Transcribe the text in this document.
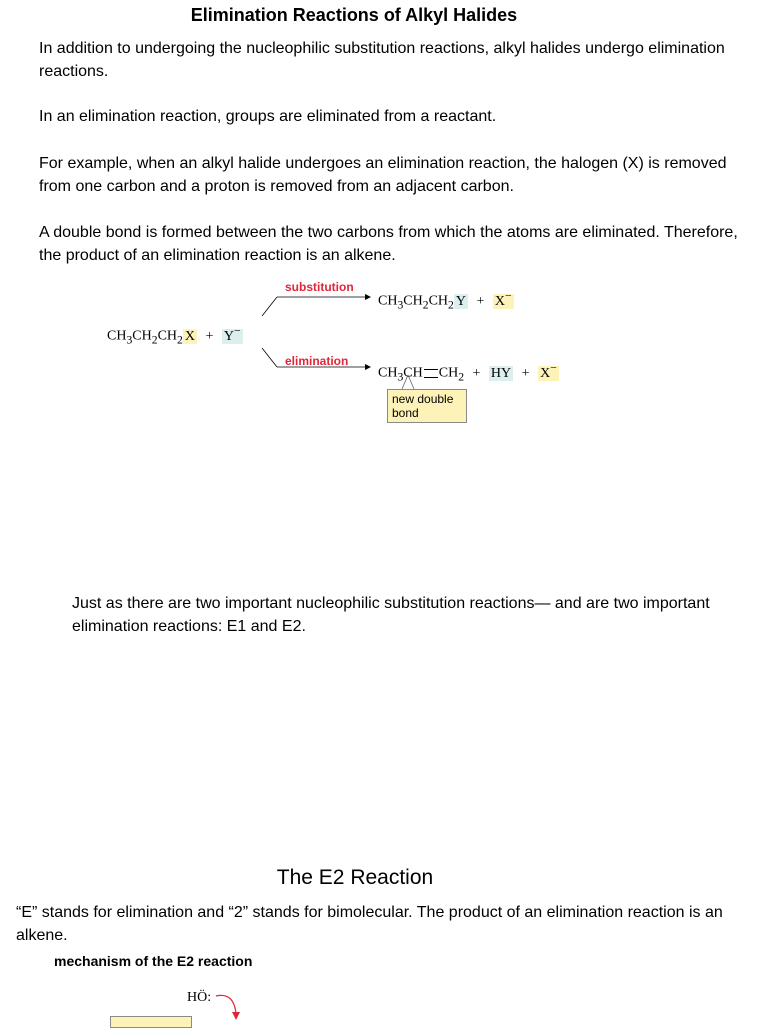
Elimination Reactions of Alkyl Halides
In addition to undergoing the nucleophilic substitution reactions, alkyl halides undergo elimination reactions.
In an elimination reaction, groups are eliminated from a reactant.
For example, when an alkyl halide undergoes an elimination reaction, the halogen (X) is removed from one carbon and a proton is removed from an adjacent carbon.
A double bond is formed between the two carbons from which the atoms are eliminated. Therefore, the product of an elimination reaction is an alkene.
$CH_3CH_2CH_2$ X + Y−
substitution
$CH_3CH_2CH_2$ Y + X−
elimination
$CH_3CH$ $CH_2$ + HY + X−
new double bond
Just as there are two important nucleophilic substitution reactions— and are two important elimination reactions: E1 and E2.
The E2 Reaction
“E” stands for elimination and “2” stands for bimolecular. The product of an elimination reaction is an alkene.
mechanism of the E2 reaction
HÖ:
